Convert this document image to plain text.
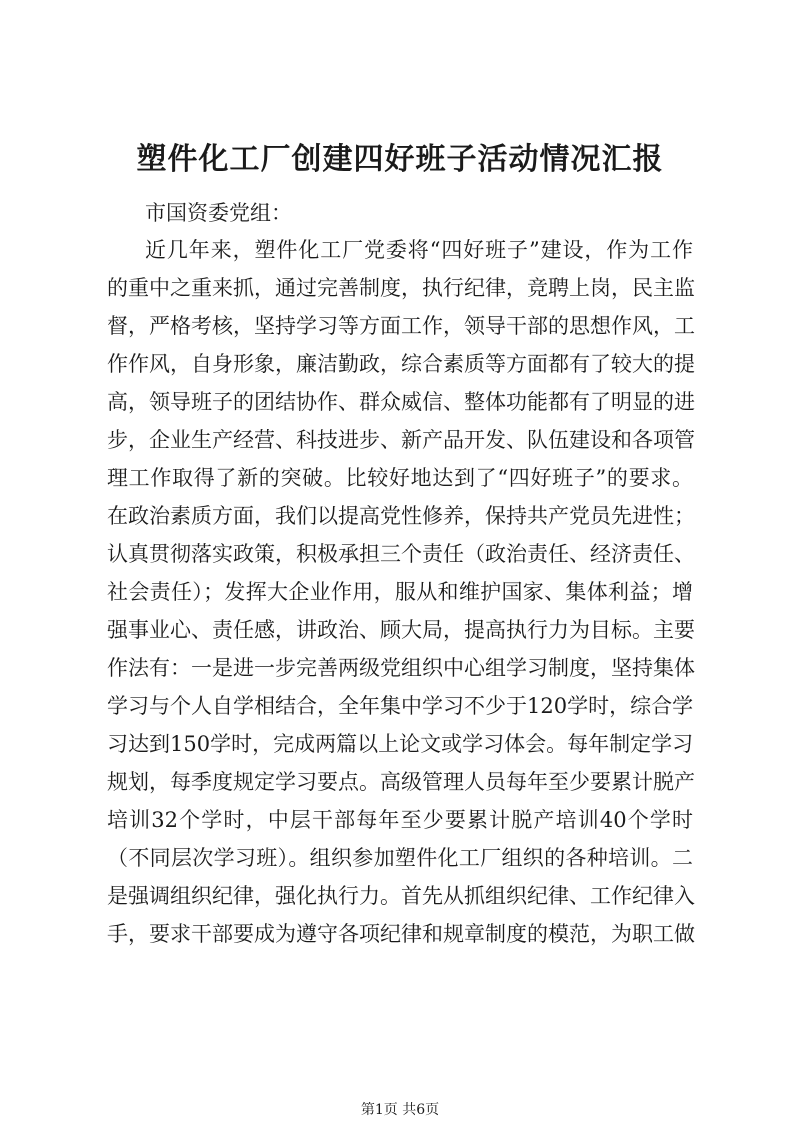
塑件化工厂创建四好班子活动情况汇报
市国资委党组：
近几年来，塑件化工厂党委将“四好班子”建设，作为工作
的重中之重来抓，通过完善制度，执行纪律，竞聘上岗，民主监
督，严格考核，坚持学习等方面工作，领导干部的思想作风，工
作作风，自身形象，廉洁勤政，综合素质等方面都有了较大的提
高，领导班子的团结协作、群众威信、整体功能都有了明显的进
步，企业生产经营、科技进步、新产品开发、队伍建设和各项管
理工作取得了新的突破。比较好地达到了“四好班子”的要求。
在政治素质方面，我们以提高党性修养，保持共产党员先进性；
认真贯彻落实政策，积极承担三个责任（政治责任、经济责任、
社会责任）；发挥大企业作用，服从和维护国家、集体利益；增
强事业心、责任感，讲政治、顾大局，提高执行力为目标。主要
作法有：一是进一步完善两级党组织中心组学习制度，坚持集体
学习与个人自学相结合，全年集中学习不少于120学时，综合学
习达到150学时，完成两篇以上论文或学习体会。每年制定学习
规划，每季度规定学习要点。高级管理人员每年至少要累计脱产
培训32个学时，中层干部每年至少要累计脱产培训40个学时
（不同层次学习班）。组织参加塑件化工厂组织的各种培训。二
是强调组织纪律，强化执行力。首先从抓组织纪律、工作纪律入
手，要求干部要成为遵守各项纪律和规章制度的模范，为职工做
第1页 共6页
